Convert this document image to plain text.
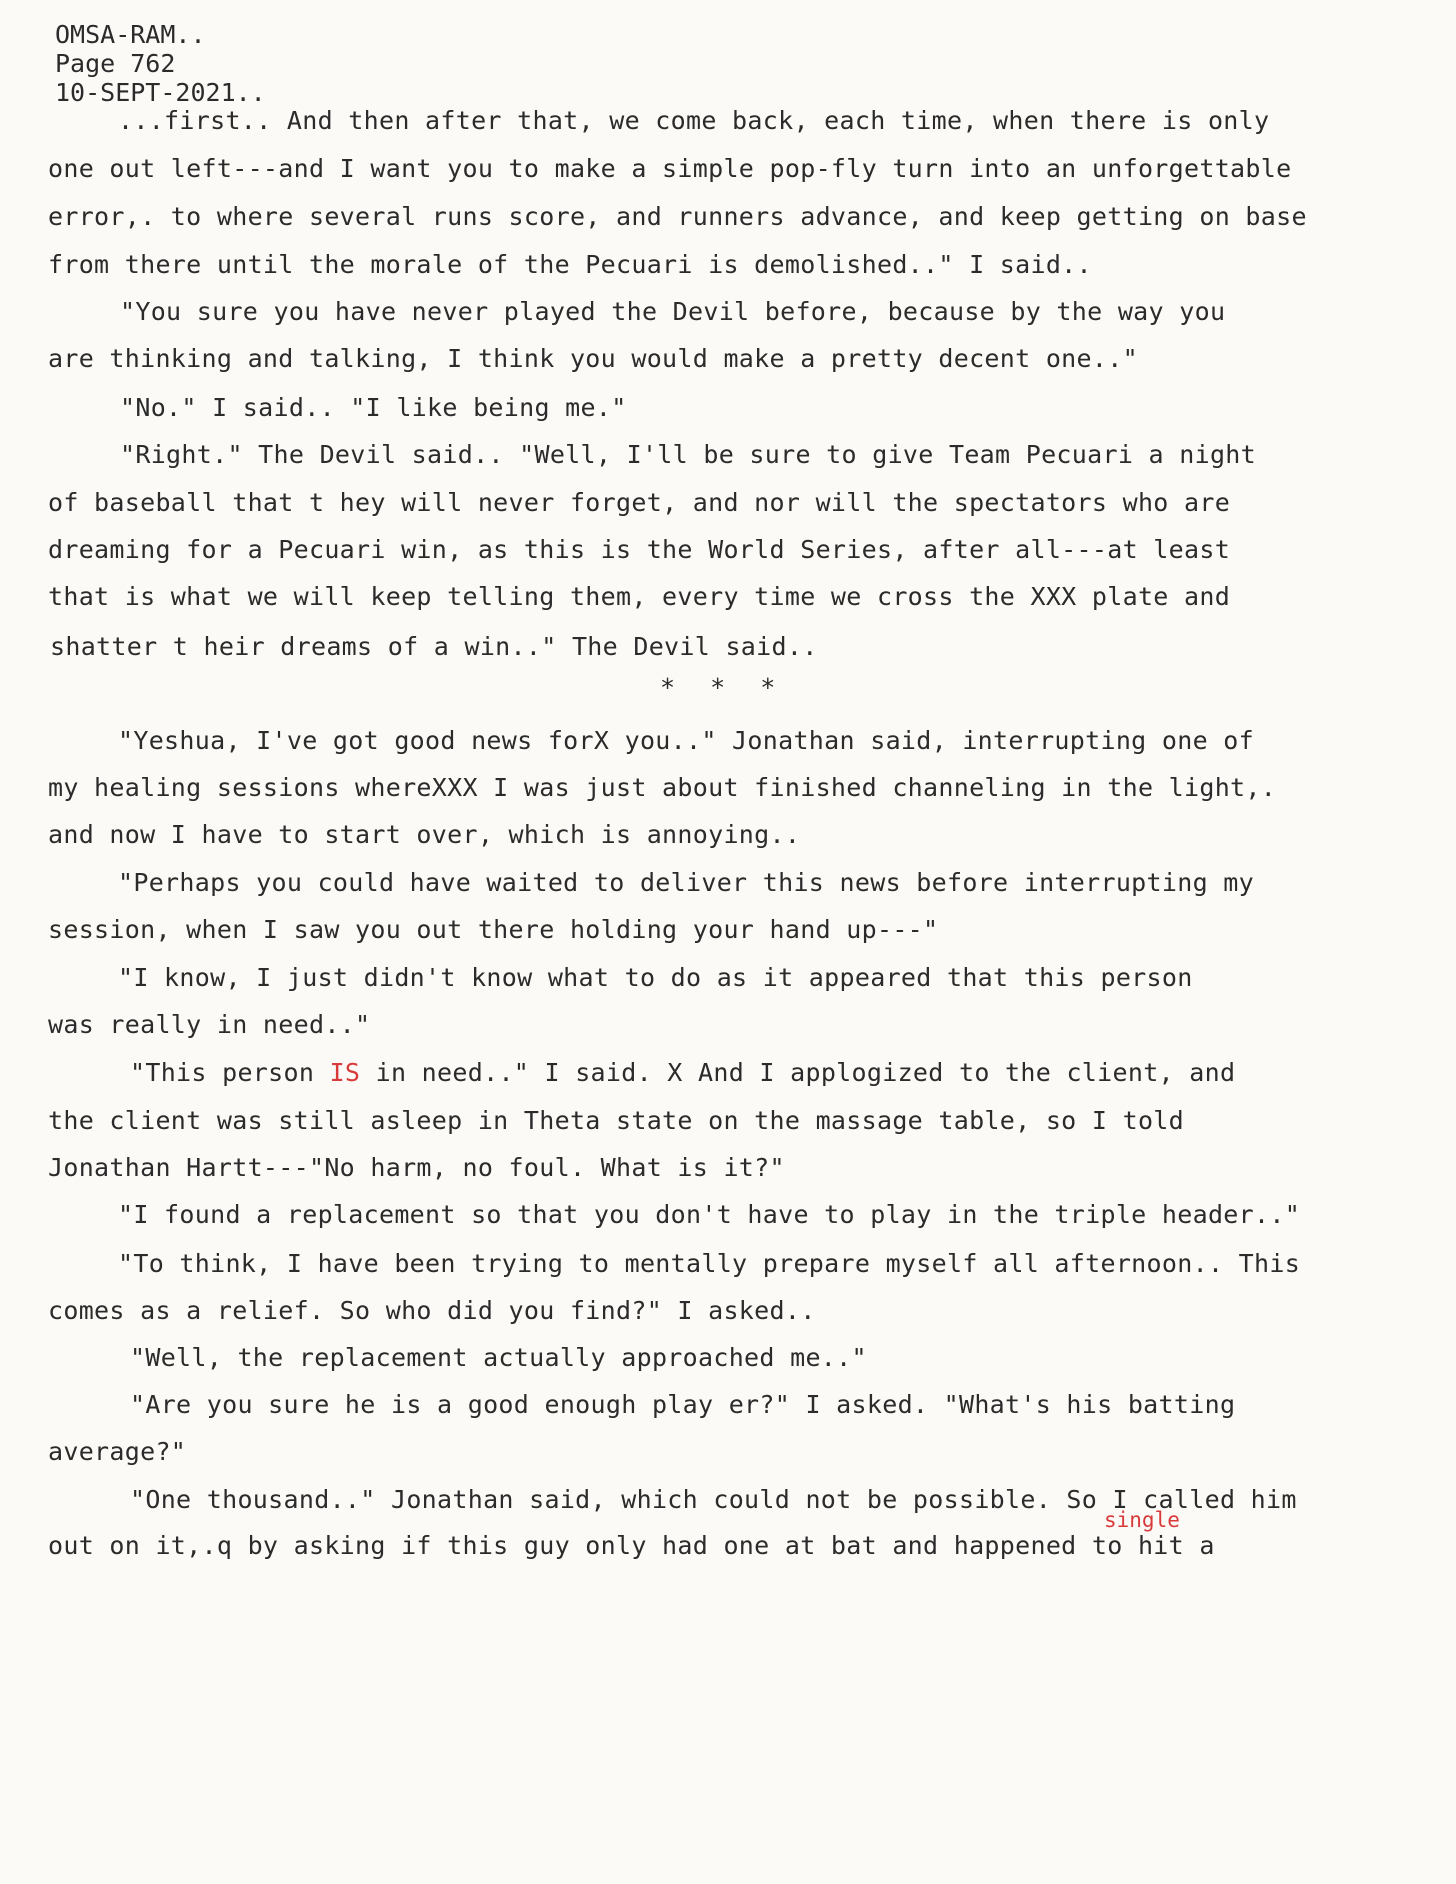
OMSA-RAM..
Page 762
10-SEPT-2021..
...first.. And then after that, we come back, each time, when there is only
one out left---and I want you to make a simple pop-fly turn into an unforgettable
error,. to where several runs score, and runners advance, and keep getting on base
from there until the morale of the Pecuari is demolished.." I said..
"You sure you have never played the Devil before, because by the way you
are thinking and talking, I think you would make a pretty decent one.."
"No." I said.. "I like being me."
"Right." The Devil said.. "Well, I'll be sure to give Team Pecuari a night
of baseball that t hey will never forget, and nor will the spectators who are
dreaming for a Pecuari win, as this is the World Series, after all---at least
that is what we will keep telling them, every time we cross the XXX plate and
shatter t heir dreams of a win.." The Devil said..
* * *
"Yeshua, I've got good news forX you.." Jonathan said, interrupting one of
my healing sessions whereXXX I was just about finished channeling in the light,.
and now I have to start over, which is annoying..
"Perhaps you could have waited to deliver this news before interrupting my
session, when I saw you out there holding your hand up---"
"I know, I just didn't know what to do as it appeared that this person
was really in need.."
"This person IS in need.." I said. X And I applogized to the client, and
the client was still asleep in Theta state on the massage table, so I told
Jonathan Hartt---"No harm, no foul. What is it?"
"I found a replacement so that you don't have to play in the triple header.."
"To think, I have been trying to mentally prepare myself all afternoon.. This
comes as a relief. So who did you find?" I asked..
"Well, the replacement actually approached me.."
"Are you sure he is a good enough play er?" I asked. "What's his batting
average?"
"One thousand.." Jonathan said, which could not be possible. So I called him
single
out on it,.q by asking if this guy only had one at bat and happened to hit a
